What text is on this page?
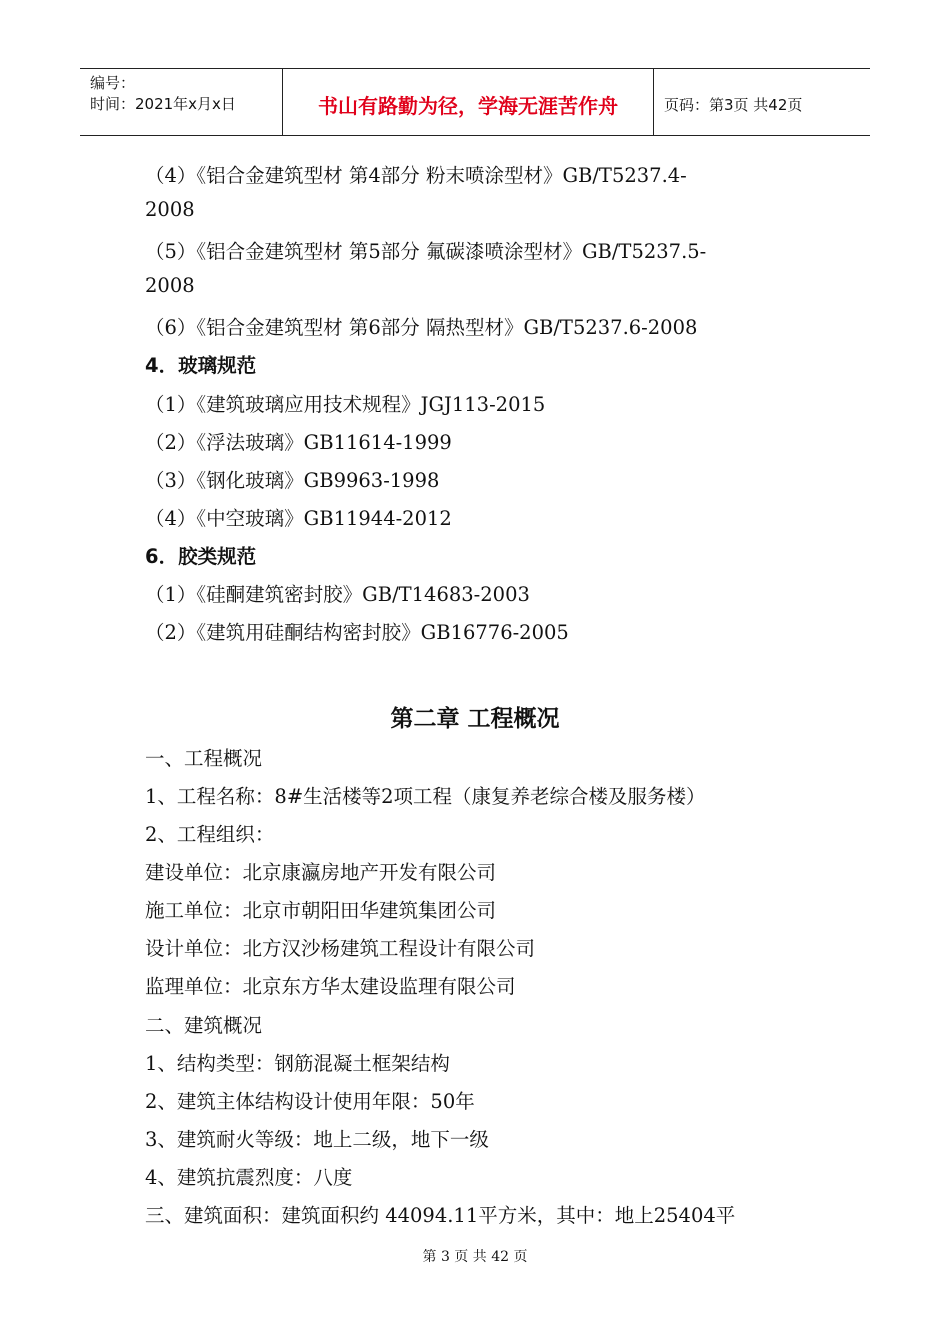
编号：
时间：2021年x月x日	书山有路勤为径，学海无涯苦作舟	页码：第3页 共42页
（4）《铝合金建筑型材 第4部分 粉末喷涂型材》GB/T5237.4-
2008
（5）《铝合金建筑型材 第5部分 氟碳漆喷涂型材》GB/T5237.5-
2008
（6）《铝合金建筑型材 第6部分 隔热型材》GB/T5237.6-2008
4．玻璃规范
（1）《建筑玻璃应用技术规程》JGJ113-2015
（2）《浮法玻璃》GB11614-1999
（3）《钢化玻璃》GB9963-1998
（4）《中空玻璃》GB11944-2012
6．胶类规范
（1）《硅酮建筑密封胶》GB/T14683-2003
（2）《建筑用硅酮结构密封胶》GB16776-2005
第二章 工程概况
一、工程概况
1、工程名称：8#生活楼等2项工程（康复养老综合楼及服务楼）
2、工程组织：
建设单位：北京康瀛房地产开发有限公司
施工单位：北京市朝阳田华建筑集团公司
设计单位：北方汉沙杨建筑工程设计有限公司
监理单位：北京东方华太建设监理有限公司
二、建筑概况
1、结构类型：钢筋混凝土框架结构
2、建筑主体结构设计使用年限：50年
3、建筑耐火等级：地上二级，地下一级
4、建筑抗震烈度：八度
三、建筑面积：建筑面积约 44094.11平方米，其中：地上25404平
第 3 页 共 42 页
